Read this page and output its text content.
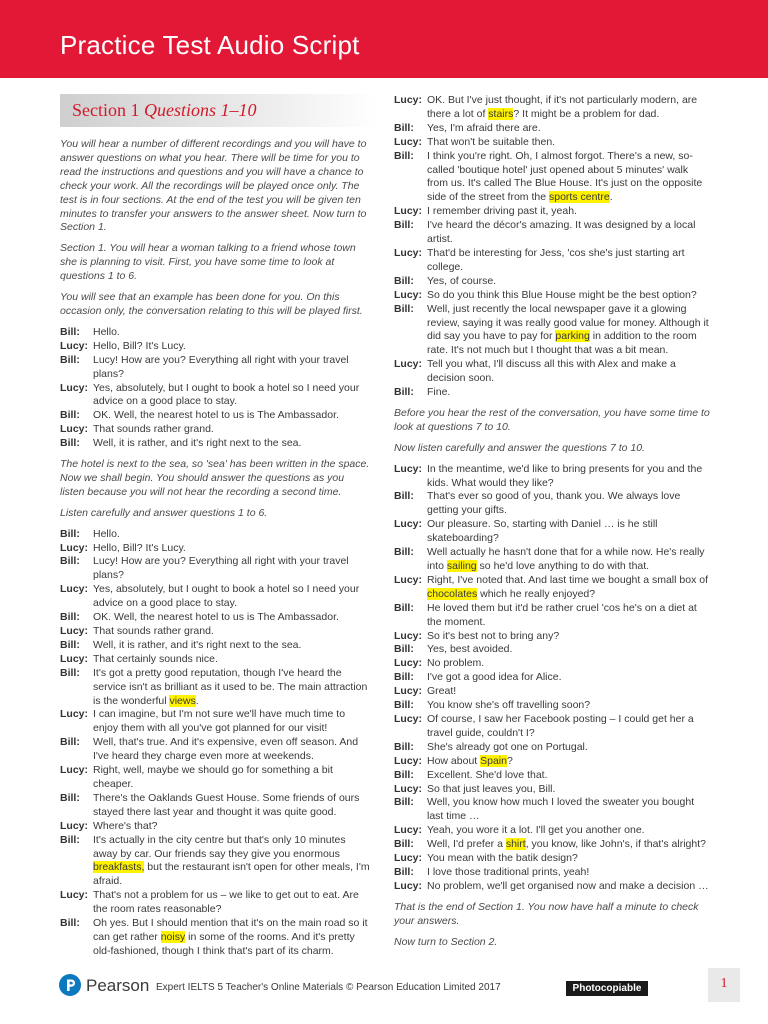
Practice Test Audio Script
Section 1 Questions 1–10
You will hear a number of different recordings and you will have to answer questions on what you hear. There will be time for you to read the instructions and questions and you will have a chance to check your work. All the recordings will be played once only. The test is in four sections. At the end of the test you will be given ten minutes to transfer your answers to the answer sheet. Now turn to Section 1.
Section 1. You will hear a woman talking to a friend whose town she is planning to visit. First, you have some time to look at questions 1 to 6.
You will see that an example has been done for you. On this occasion only, the conversation relating to this will be played first.
Bill:	Hello.
Lucy: Hello, Bill? It's Lucy.
Bill:	Lucy! How are you? Everything all right with your travel plans?
Lucy: Yes, absolutely, but I ought to book a hotel so I need your advice on a good place to stay.
Bill:	OK. Well, the nearest hotel to us is The Ambassador.
Lucy: That sounds rather grand.
Bill:	Well, it is rather, and it's right next to the sea.
The hotel is next to the sea, so 'sea' has been written in the space. Now we shall begin. You should answer the questions as you listen because you will not hear the recording a second time.
Listen carefully and answer questions 1 to 6.
Bill:	Hello.
Lucy: Hello, Bill? It's Lucy.
Bill:	Lucy! How are you? Everything all right with your travel plans?
Lucy: Yes, absolutely, but I ought to book a hotel so I need your advice on a good place to stay.
Bill:	OK. Well, the nearest hotel to us is The Ambassador.
Lucy: That sounds rather grand.
Bill:	Well, it is rather, and it's right next to the sea.
Lucy: That certainly sounds nice.
Bill:	It's got a pretty good reputation, though I've heard the service isn't as brilliant as it used to be. The main attraction is the wonderful views.
Lucy: I can imagine, but I'm not sure we'll have much time to enjoy them with all you've got planned for our visit!
Bill:	Well, that's true. And it's expensive, even off season. And I've heard they charge even more at weekends.
Lucy: Right, well, maybe we should go for something a bit cheaper.
Bill:	There's the Oaklands Guest House. Some friends of ours stayed there last year and thought it was quite good.
Lucy: Where's that?
Bill:	It's actually in the city centre but that's only 10 minutes away by car. Our friends say they give you enormous breakfasts, but the restaurant isn't open for other meals, I'm afraid.
Lucy: That's not a problem for us – we like to get out to eat. Are the room rates reasonable?
Bill:	Oh yes. But I should mention that it's on the main road so it can get rather noisy in some of the rooms. And it's pretty old-fashioned, though I think that's part of its charm.
Lucy: OK. But I've just thought, if it's not particularly modern, are there a lot of stairs? It might be a problem for dad.
Bill:	Yes, I'm afraid there are.
Lucy: That won't be suitable then.
Bill:	I think you're right. Oh, I almost forgot. There's a new, so-called 'boutique hotel' just opened about 5 minutes' walk from us. It's called The Blue House. It's just on the opposite side of the street from the sports centre.
Lucy: I remember driving past it, yeah.
Bill:	I've heard the décor's amazing. It was designed by a local artist.
Lucy: That'd be interesting for Jess, 'cos she's just starting art college.
Bill:	Yes, of course.
Lucy: So do you think this Blue House might be the best option?
Bill:	Well, just recently the local newspaper gave it a glowing review, saying it was really good value for money. Although it did say you have to pay for parking in addition to the room rate. It's not much but I thought that was a bit mean.
Lucy: Tell you what, I'll discuss all this with Alex and make a decision soon.
Bill:	Fine.
Before you hear the rest of the conversation, you have some time to look at questions 7 to 10.
Now listen carefully and answer the questions 7 to 10.
Lucy: In the meantime, we'd like to bring presents for you and the kids. What would they like?
Bill:	That's ever so good of you, thank you. We always love getting your gifts.
Lucy: Our pleasure. So, starting with Daniel … is he still skateboarding?
Bill:	Well actually he hasn't done that for a while now. He's really into sailing so he'd love anything to do with that.
Lucy: Right, I've noted that. And last time we bought a small box of chocolates which he really enjoyed?
Bill:	He loved them but it'd be rather cruel 'cos he's on a diet at the moment.
Lucy: So it's best not to bring any?
Bill:	Yes, best avoided.
Lucy: No problem.
Bill:	I've got a good idea for Alice.
Lucy: Great!
Bill:	You know she's off travelling soon?
Lucy: Of course, I saw her Facebook posting – I could get her a travel guide, couldn't I?
Bill:	She's already got one on Portugal.
Lucy: How about Spain?
Bill:	Excellent. She'd love that.
Lucy: So that just leaves you, Bill.
Bill:	Well, you know how much I loved the sweater you bought last time …
Lucy: Yeah, you wore it a lot. I'll get you another one.
Bill:	Well, I'd prefer a shirt, you know, like John's, if that's alright?
Lucy: You mean with the batik design?
Bill:	I love those traditional prints, yeah!
Lucy: No problem, we'll get organised now and make a decision …
That is the end of Section 1. You now have half a minute to check your answers.
Now turn to Section 2.
Pearson Expert IELTS 5 Teacher's Online Materials © Pearson Education Limited 2017	Photocopiable	1
